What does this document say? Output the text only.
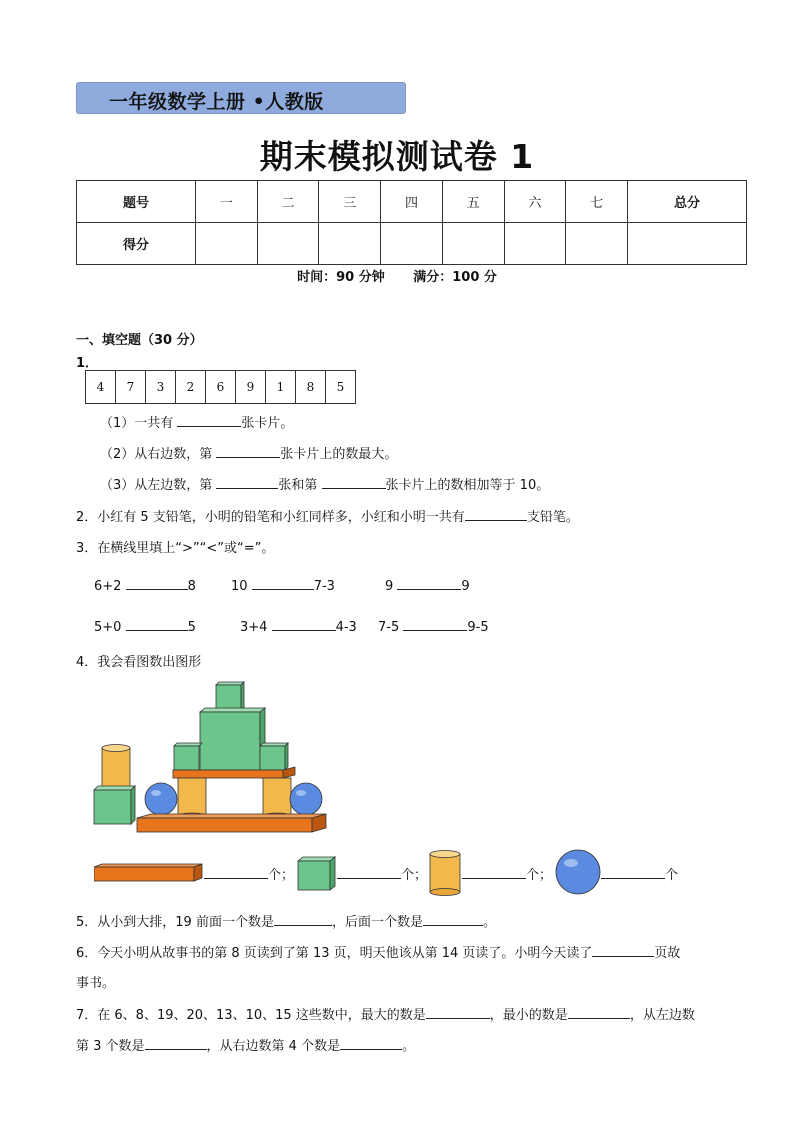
一年级数学上册 •人教版
期末模拟测试卷 1
题号	一	二	三	四	五	六	七	总分
得分								
时间：90 分钟 满分：100 分
一、填空题（30 分）
1．
4	7	3	2	6	9	1	8	5
（1）一共有	张卡片。
（2）从右边数，第	张卡片上的数最大。
（3）从左边数，第	张和第	张卡片上的数相加等于 10。
2．小红有 5 支铅笔，小明的铅笔和小红同样多，小红和小明一共有	支铅笔。
3．在横线里填上“>”“<”或“=”。
6+2	8	10	7-3	9	9
5+0	5	3+4	4-3 7-5	9-5
4．我会看图数出图形
个；	个；	个；	个
5．从小到大排，19 前面一个数是	，后面一个数是	。
6．今天小明从故事书的第 8 页读到了第 13 页，明天他该从第 14 页读了。小明今天读了	页故
事书。
7．在 6、8、19、20、13、10、15 这些数中，最大的数是	，最小的数是	，从左边数
第 3 个数是	，从右边数第 4 个数是	。
